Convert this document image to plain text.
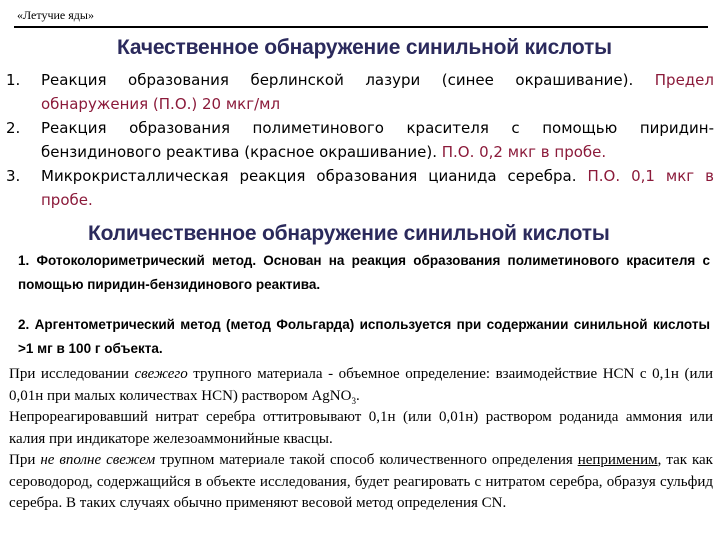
«Летучие яды»
Качественное обнаружение синильной кислоты

1. Реакция образования берлинской лазури (синее окрашивание). Предел обнаружения (П.О.) 20 мкг/мл

2. Реакция образования полиметинового красителя с помощью пиридин-бензидинового реактива (красное окрашивание). П.О. 0,2 мкг в пробе.

3. Микрокристаллическая реакция образования цианида серебра. П.О. 0,1 мкг в пробе.

Количественное обнаружение синильной кислоты
1. Фотоколориметрический метод. Основан на реакция образования полиметинового красителя с помощью пиридин-бензидинового реактива.
2. Аргентометрический метод (метод Фольгарда) используется при содержании синильной кислоты >1 мг в 100 г объекта.

При исследовании свежего трупного материала - объемное определение: взаимодействие HCN с 0,1н (или 0,01н при малых количествах HCN) раствором AgNO$_3$.

Непрореагировавший нитрат серебра оттитровывают 0,1н (или 0,01н) раствором роданида аммония или калия при индикаторе железоаммонийные квасцы.

При не вполне свежем трупном материале такой способ количественного определения неприменим, так как сероводород, содержащийся в объекте исследования, будет реагировать с нитратом серебра, образуя сульфид серебра. В таких случаях обычно применяют весовой метод определения CN.
